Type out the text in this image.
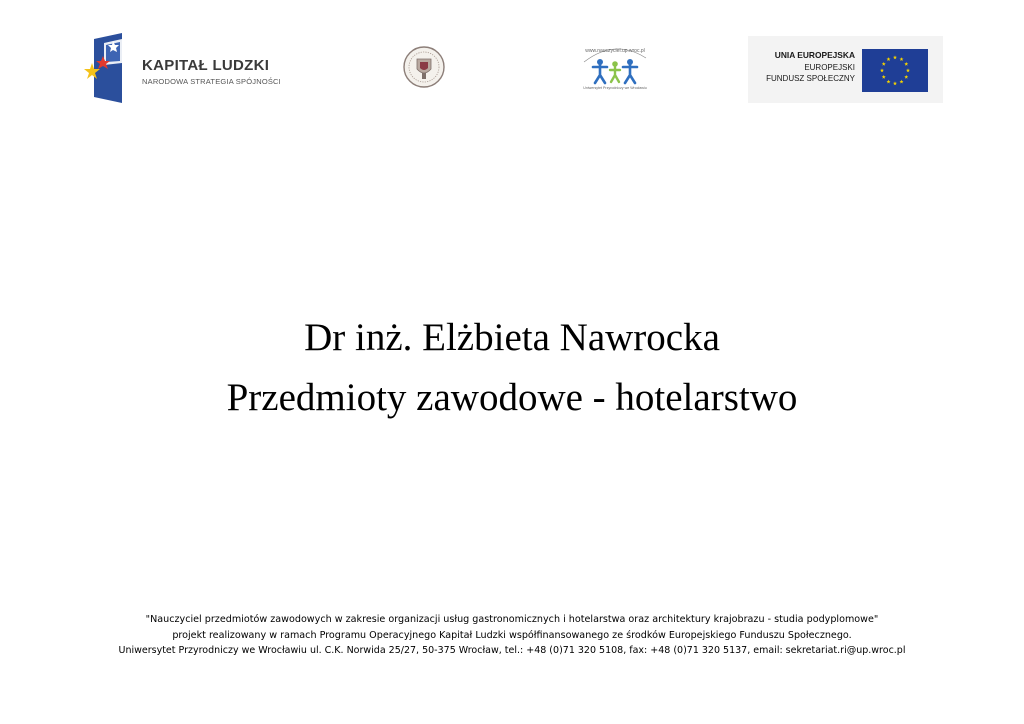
KAPITAŁ LUDZKI
NARODOWA STRATEGIA SPÓJNOŚCI
www.nauczyciel.up.wroc.pl
Uniwersytet Przyrodniczy we Wrocławiu
UNIA EUROPEJSKA
EUROPEJSKI
FUNDUSZ SPOŁECZNY
Dr inż. Elżbieta Nawrocka
Przedmioty zawodowe - hotelarstwo
"Nauczyciel przedmiotów zawodowych w zakresie organizacji usług gastronomicznych i hotelarstwa oraz architektury krajobrazu - studia podyplomowe"
projekt realizowany w ramach Programu Operacyjnego Kapitał Ludzki współfinansowanego ze środków Europejskiego Funduszu Społecznego.
Uniwersytet Przyrodniczy we Wrocławiu ul. C.K. Norwida 25/27, 50-375 Wrocław, tel.: +48 (0)71 320 5108, fax: +48 (0)71 320 5137, email: sekretariat.ri@up.wroc.pl
